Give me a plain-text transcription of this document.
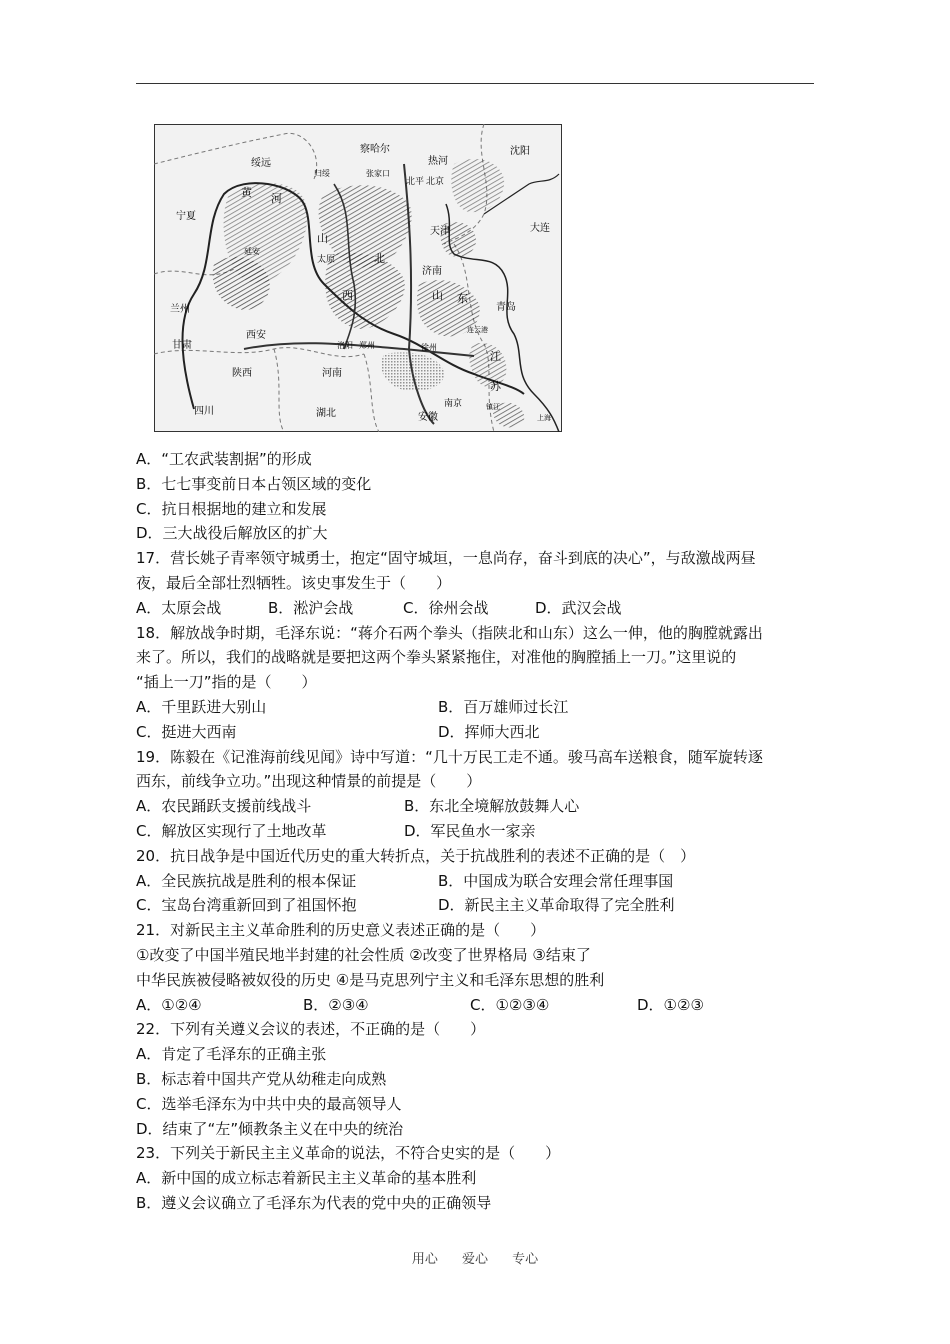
绥远
察哈尔
热河
沈阳
归绥	张家口
北平 北京
黄 河
宁夏
天津	大连
山
太原	北
延安
济南
山 东
青岛
西
兰州
西安
洛阳 郑州	徐州
甘肃
陕西	河南
江
苏
四川	湖北	安徽
南京
上海
镇江
连云港
A．“工农武装割据”的形成
B．七七事变前日本占领区域的变化
C．抗日根据地的建立和发展
D．三大战役后解放区的扩大
17．营长姚子青率领守城勇士，抱定“固守城垣，一息尚存，奋斗到底的决心”，与敌激战两昼
夜，最后全部壮烈牺牲。该史事发生于（　　）
A．太原会战	B．淞沪会战	C．徐州会战	D．武汉会战
18．解放战争时期，毛泽东说：“蒋介石两个拳头（指陕北和山东）这么一伸，他的胸膛就露出
来了。所以，我们的战略就是要把这两个拳头紧紧拖住，对准他的胸膛插上一刀。”这里说的
“插上一刀”指的是（　　）
A．千里跃进大别山	B．百万雄师过长江
C．挺进大西南	D．挥师大西北
19．陈毅在《记淮海前线见闻》诗中写道：“几十万民工走不通。骏马高车送粮食，随军旋转逐
西东，前线争立功。”出现这种情景的前提是（　　）
A．农民踊跃支援前线战斗	B．东北全境解放鼓舞人心
C．解放区实现行了土地改革	D．军民鱼水一家亲
20．抗日战争是中国近代历史的重大转折点，关于抗战胜利的表述不正确的是（　）
A．全民族抗战是胜利的根本保证	B．中国成为联合安理会常任理事国
C．宝岛台湾重新回到了祖国怀抱	D．新民主主义革命取得了完全胜利
21．对新民主主义革命胜利的历史意义表述正确的是（　　）
①改变了中国半殖民地半封建的社会性质 ②改变了世界格局 ③结束了
中华民族被侵略被奴役的历史 ④是马克思列宁主义和毛泽东思想的胜利
A．①②④	B．②③④	C．①②③④	D．①②③
22．下列有关遵义会议的表述，不正确的是（　　）
A．肯定了毛泽东的正确主张
B．标志着中国共产党从幼稚走向成熟
C．选举毛泽东为中共中央的最高领导人
D．结束了“左”倾教条主义在中央的统治
23．下列关于新民主主义革命的说法，不符合史实的是（　　）
A．新中国的成立标志着新民主主义革命的基本胜利
B．遵义会议确立了毛泽东为代表的党中央的正确领导
用心 爱心 专心
